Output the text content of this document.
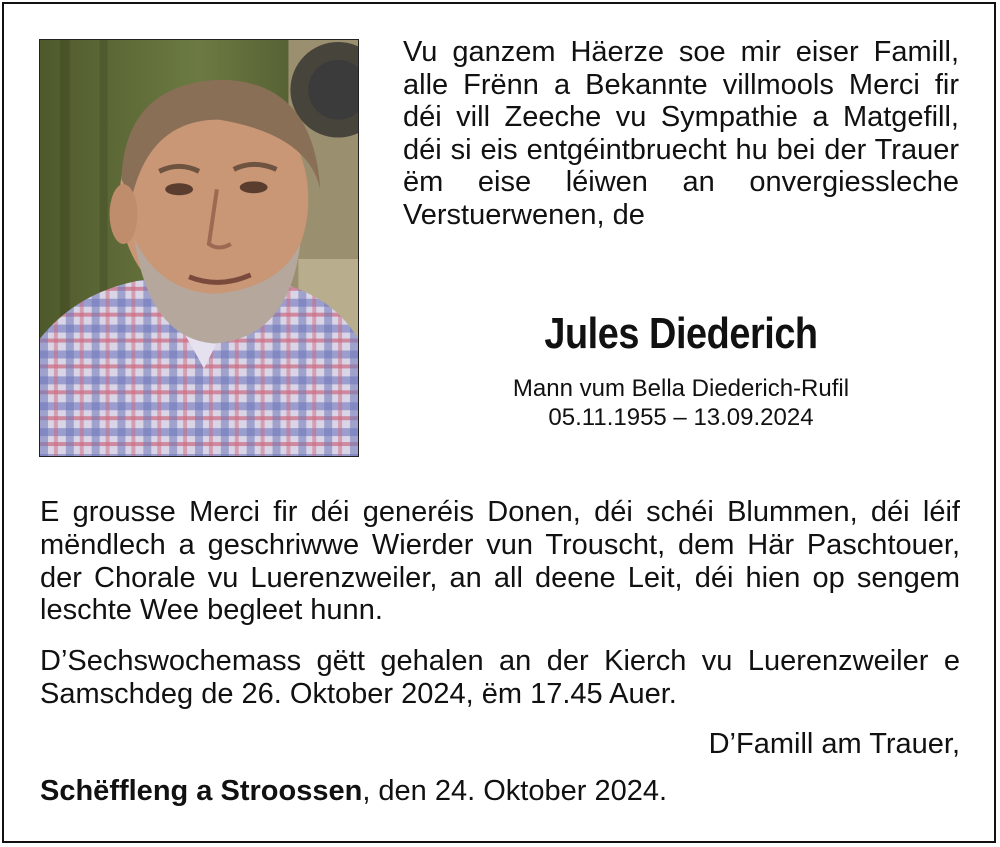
Vu ganzem Häerze soe mir eiser Famill, alle Frënn a Bekannte villmools Merci fir déi vill Zeeche vu Sympathie a Matgefill, déi si eis entgéintbruecht hu bei der Trauer ëm eise léiwen an onvergiessleche Verstuerwenen, de

Jules Diederich

Mann vum Bella Diederich-Rufil

05.11.1955 – 13.09.2024

E grousse Merci fir déi generéis Donen, déi schéi Blummen, déi léif mëndlech a geschriwwe Wierder vun Trouscht, dem Här Paschtouer, der Chorale vu Luerenzweiler, an all deene Leit, déi hien op sengem leschte Wee begleet hunn.

D’Sechswochemass gëtt gehalen an der Kierch vu Luerenzweiler e Samschdeg de 26. Oktober 2024, ëm 17.45 Auer.

D’Famill am Trauer,

Schëffleng a Stroossen, den 24. Oktober 2024.
